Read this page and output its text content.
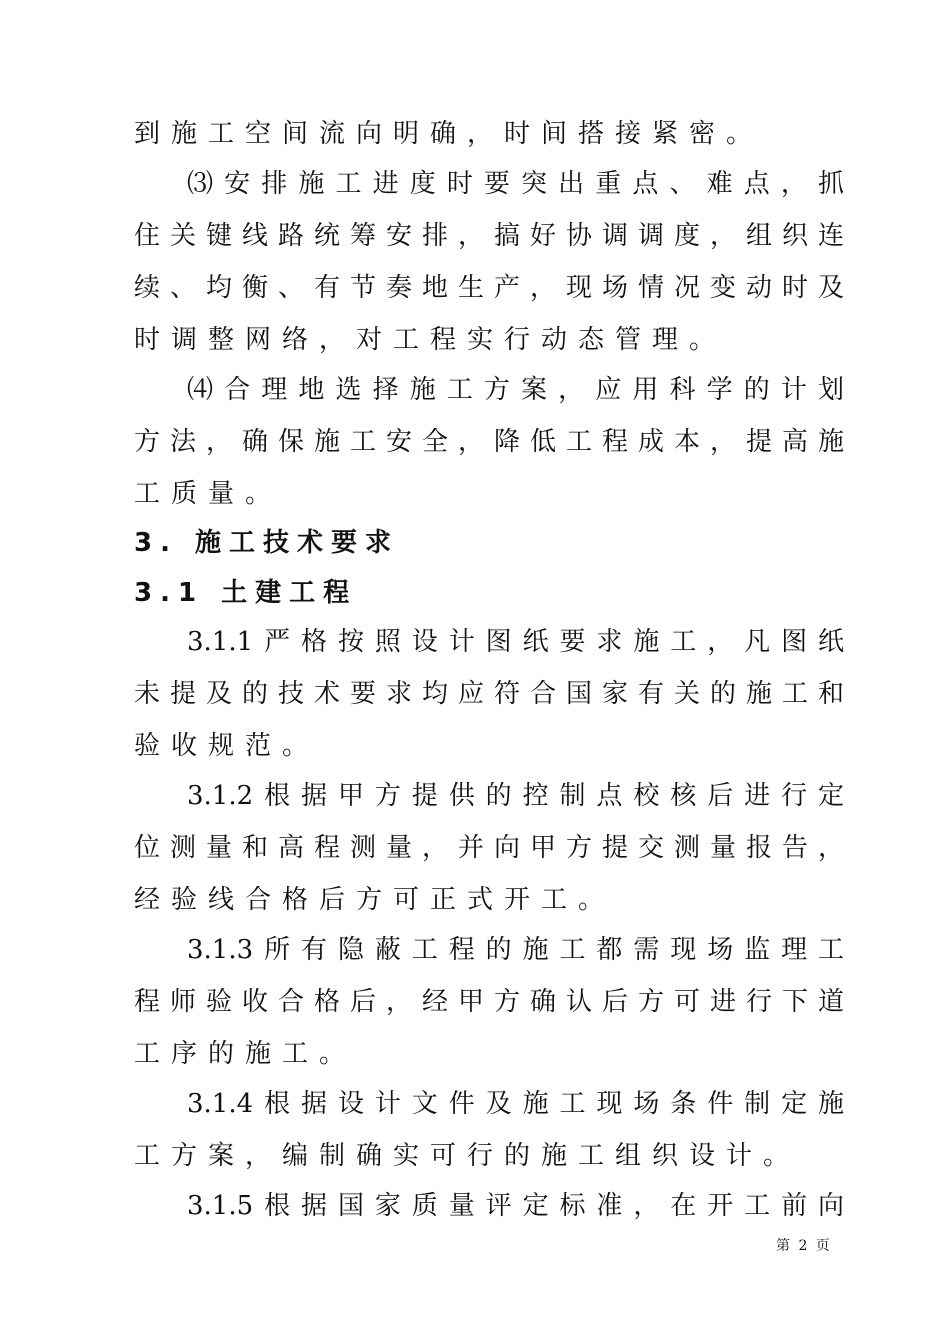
到施工空间流向明确，时间搭接紧密。
⑶安排施工进度时要突出重点、难点，抓
住关键线路统筹安排，搞好协调调度，组织连
续、均衡、有节奏地生产，现场情况变动时及
时调整网络，对工程实行动态管理。
⑷合理地选择施工方案，应用科学的计划
方法，确保施工安全，降低工程成本，提高施
工质量。
3. 施工技术要求
3.1 土建工程
3.1.1严格按照设计图纸要求施工，凡图纸
未提及的技术要求均应符合国家有关的施工和
验收规范。
3.1.2根据甲方提供的控制点校核后进行定
位测量和高程测量，并向甲方提交测量报告，
经验线合格后方可正式开工。
3.1.3所有隐蔽工程的施工都需现场监理工
程师验收合格后，经甲方确认后方可进行下道
工序的施工。
3.1.4根据设计文件及施工现场条件制定施
工方案，编制确实可行的施工组织设计。
3.1.5根据国家质量评定标准，在开工前向
第 2 页
